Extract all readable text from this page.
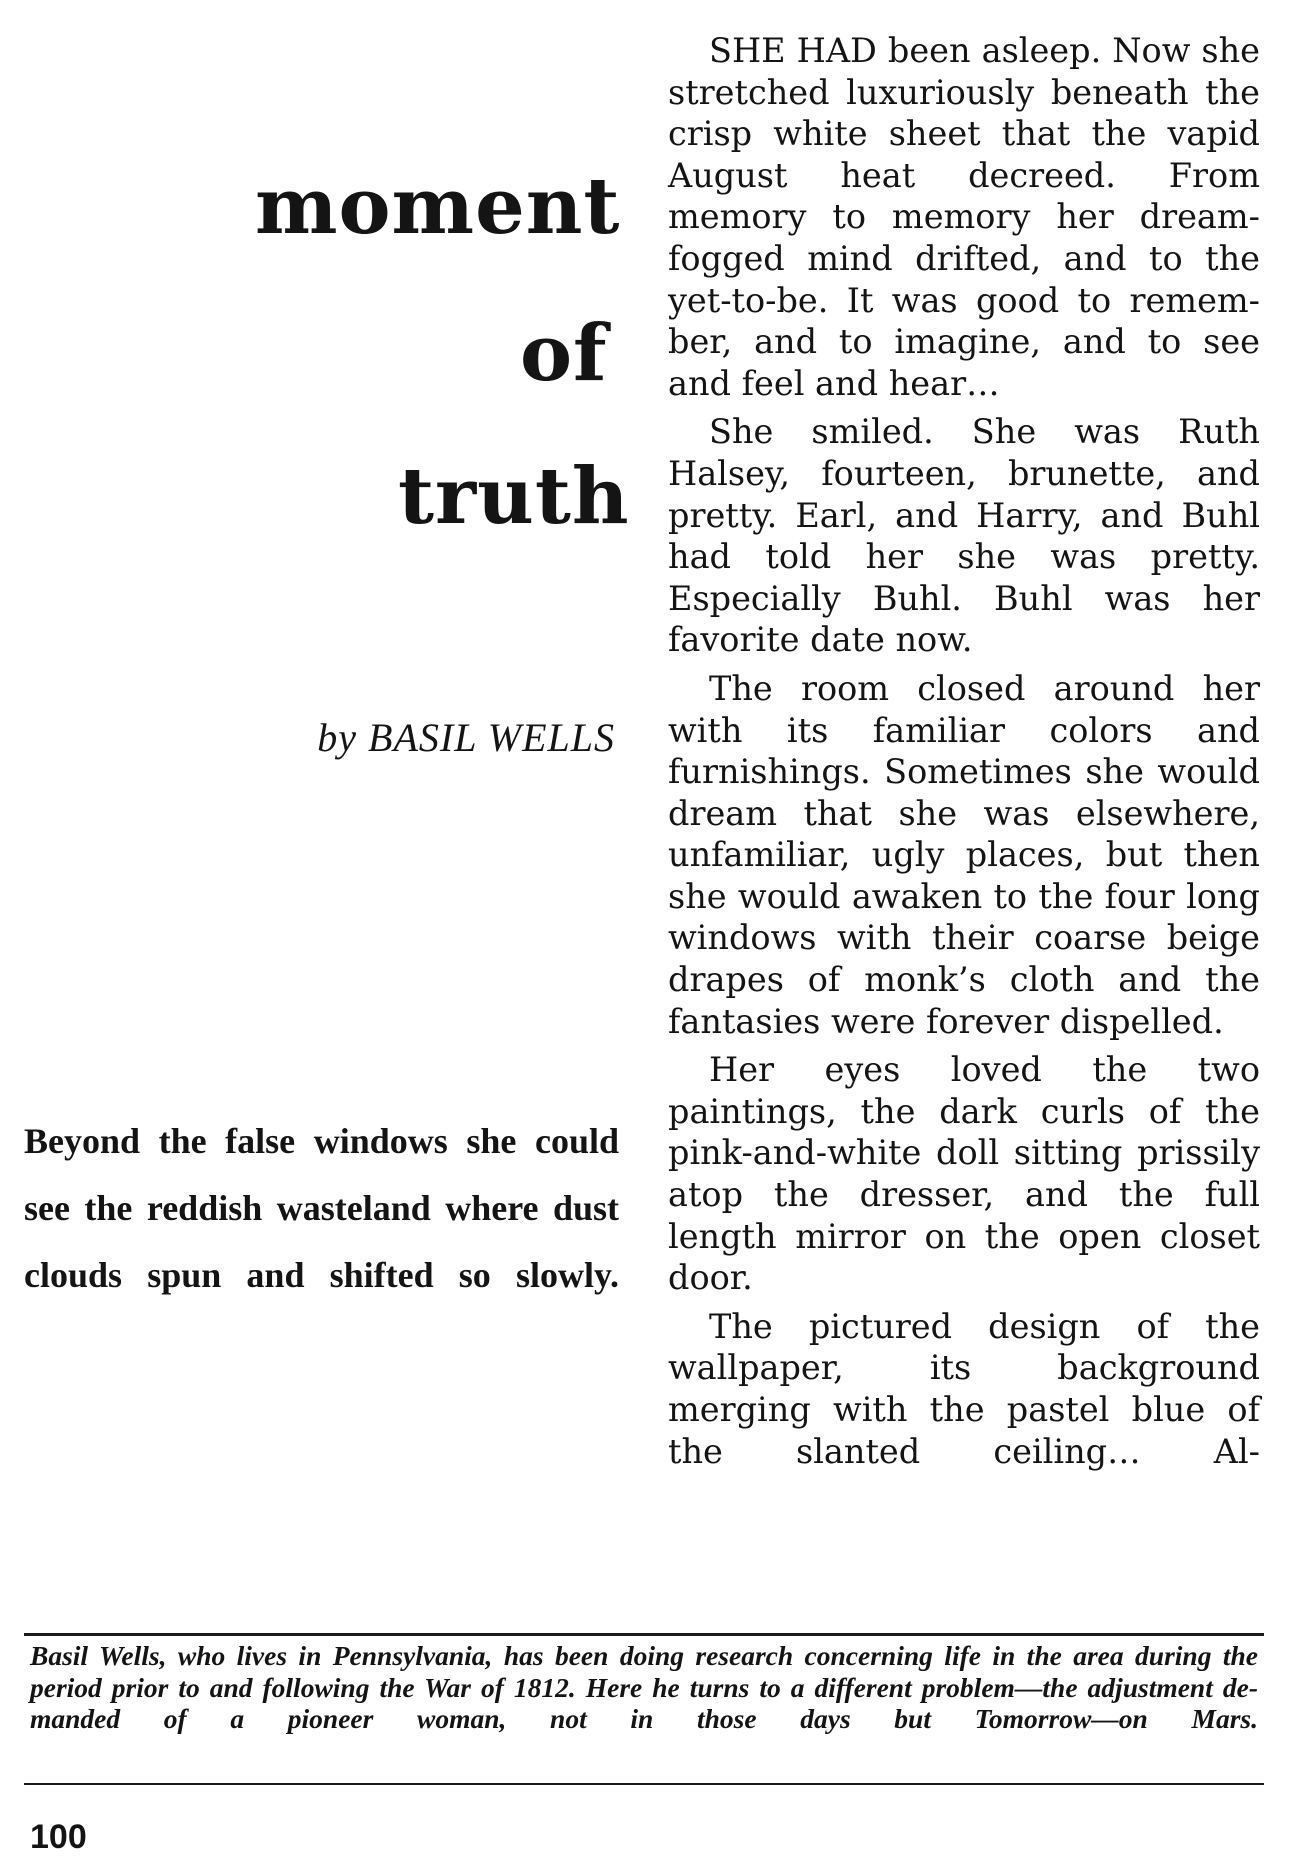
moment
of
truth

by BASIL WELLS

Beyond the false windows she could see the reddish wasteland where dust clouds spun and shifted so slowly.

SHE HAD been asleep. Now she stretched luxuriously beneath the crisp white sheet that the vapid August heat decreed. From memory to memory her dream-fogged mind drifted, and to the yet-to-be. It was good to remember, and to imagine, and to see and feel and hear…

She smiled. She was Ruth Halsey, fourteen, brunette, and pretty. Earl, and Harry, and Buhl had told her she was pretty. Especially Buhl. Buhl was her favorite date now.

The room closed around her with its familiar colors and furnishings. Sometimes she would dream that she was elsewhere, unfamiliar, ugly places, but then she would awaken to the four long windows with their coarse beige drapes of monk’s cloth and the fantasies were forever dispelled.

Her eyes loved the two paintings, the dark curls of the pink-and-white doll sitting prissily atop the dresser, and the full length mirror on the open closet door.

The pictured design of the wallpaper, its background merging with the pastel blue of the slanted ceiling… Al-

Basil Wells, who lives in Pennsylvania, has been doing research concerning life in the area during the period prior to and following the War of 1812. Here he turns to a different problem—the adjustment demanded of a pioneer woman, not in those days but Tomorrow—on Mars.

100
